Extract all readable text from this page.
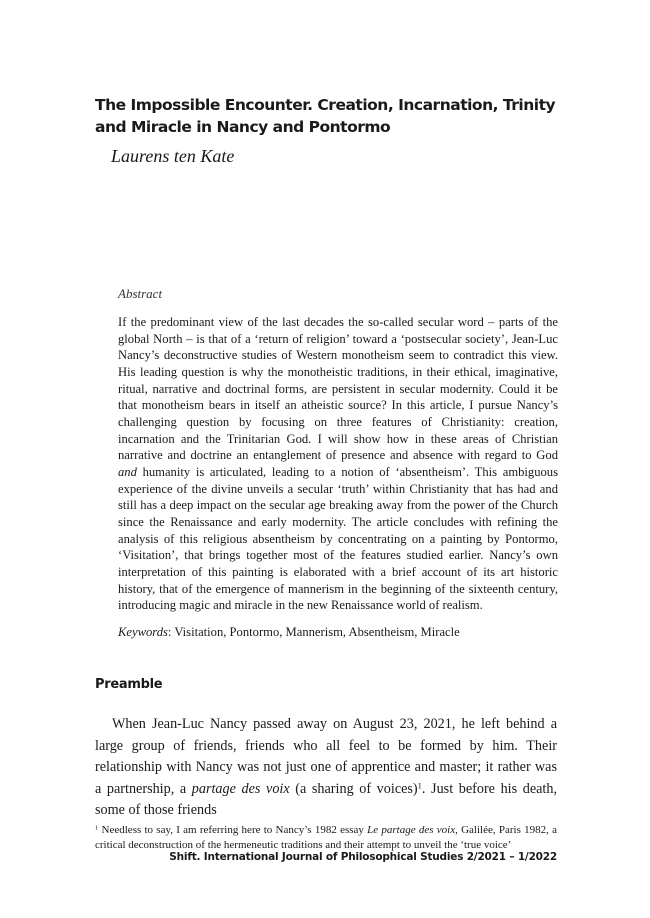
The Impossible Encounter. Creation, Incarnation, Trinity and Miracle in Nancy and Pontormo

Laurens ten Kate

Abstract

If the predominant view of the last decades the so-called secular word – parts of the global North – is that of a ‘return of religion’ toward a ‘postsecular society’, Jean-Luc Nancy’s deconstructive studies of Western monotheism seem to contradict this view. His leading question is why the monotheistic traditions, in their ethical, imaginative, ritual, narrative and doctrinal forms, are persistent in secular modernity. Could it be that monotheism bears in itself an atheistic source? In this article, I pursue Nancy’s challenging question by focusing on three features of Christianity: creation, incarnation and the Trinitarian God. I will show how in these areas of Christian narrative and doctrine an entanglement of presence and absence with regard to God and humanity is articulated, leading to a notion of ‘absentheism’. This ambiguous experience of the divine unveils a secular ‘truth’ within Christianity that has had and still has a deep impact on the secular age breaking away from the power of the Church since the Renaissance and early modernity. The article concludes with refining the analysis of this religious absentheism by concentrating on a painting by Pontormo, ‘Visitation’, that brings together most of the features studied earlier. Nancy’s own interpretation of this painting is elaborated with a brief account of its art historic history, that of the emergence of mannerism in the beginning of the sixteenth century, introducing magic and miracle in the new Renaissance world of realism.

Keywords: Visitation, Pontormo, Mannerism, Absentheism, Miracle

Preamble

When Jean-Luc Nancy passed away on August 23, 2021, he left behind a large group of friends, friends who all feel to be formed by him. Their relationship with Nancy was not just one of apprentice and master; it rather was a partnership, a partage des voix (a sharing of voices)$^1$. Just before his death, some of those friends

$^1$ Needless to say, I am referring here to Nancy’s 1982 essay Le partage des voix, Galilée, Paris 1982, a critical deconstruction of the hermeneutic traditions and their attempt to unveil the ‘true voice’

Shift. International Journal of Philosophical Studies 2/2021 – 1/2022
